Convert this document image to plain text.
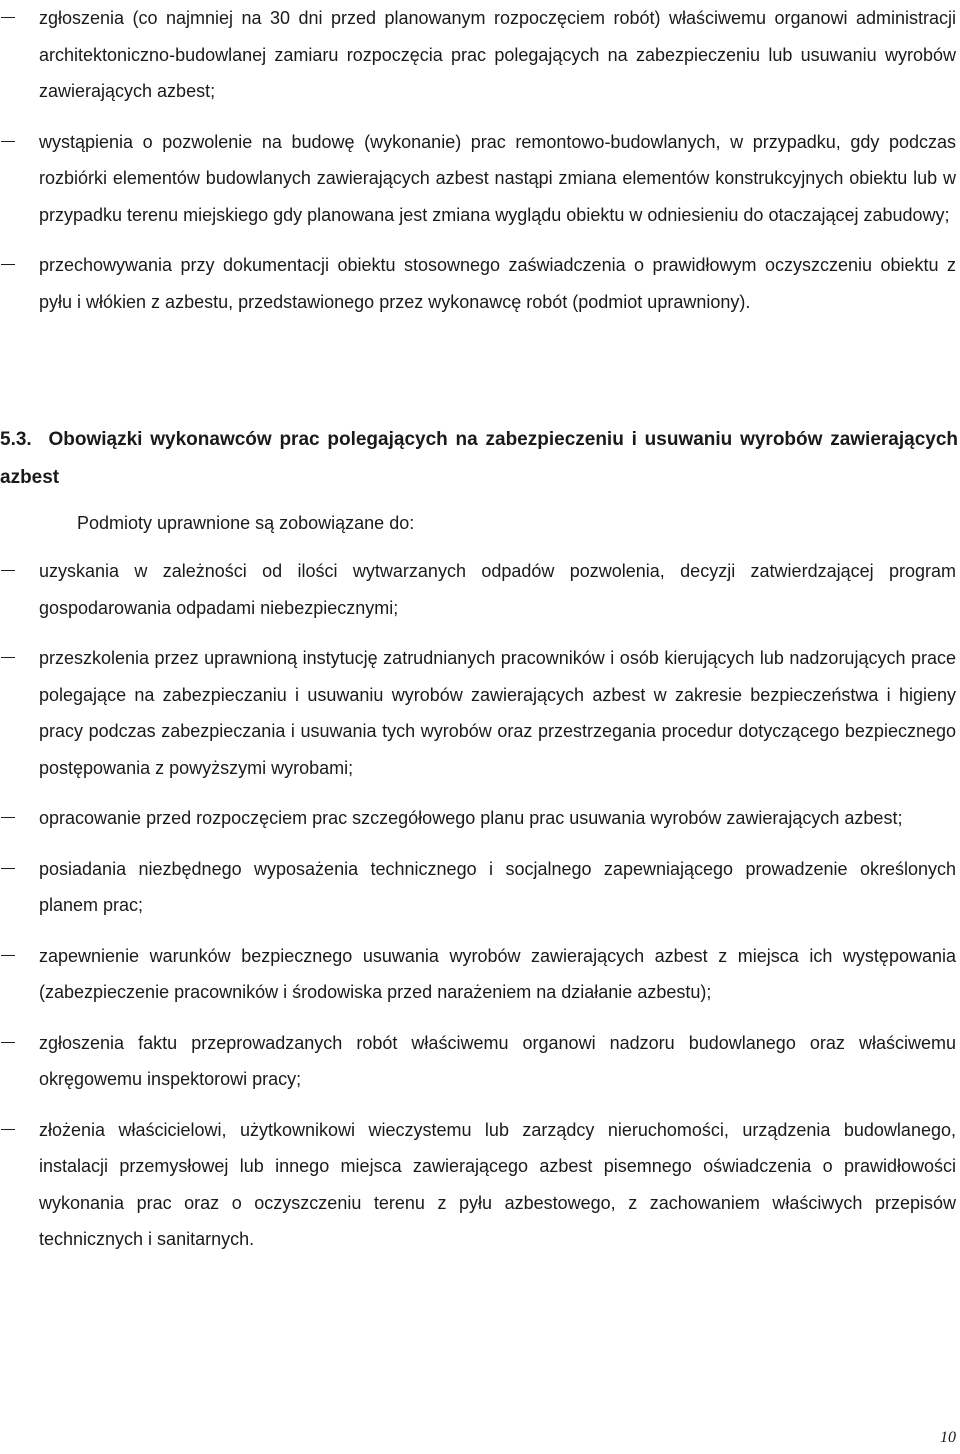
zgłoszenia (co najmniej na 30 dni przed planowanym rozpoczęciem robót) właściwemu organowi administracji architektoniczno-budowlanej zamiaru rozpoczęcia prac polegających na zabezpieczeniu lub usuwaniu wyrobów zawierających azbest;
wystąpienia o pozwolenie na budowę (wykonanie) prac remontowo-budowlanych, w przypadku, gdy podczas rozbiórki elementów budowlanych zawierających azbest nastąpi zmiana elementów konstrukcyjnych obiektu lub w przypadku terenu miejskiego gdy planowana jest zmiana wyglądu obiektu w odniesieniu do otaczającej zabudowy;
przechowywania przy dokumentacji obiektu stosownego zaświadczenia o prawidłowym oczyszczeniu obiektu z pyłu i włókien z azbestu, przedstawionego przez wykonawcę robót (podmiot uprawniony).
5.3. Obowiązki wykonawców prac polegających na zabezpieczeniu i usuwaniu wyrobów zawierających azbest

Podmioty uprawnione są zobowiązane do:

uzyskania w zależności od ilości wytwarzanych odpadów pozwolenia, decyzji zatwierdzającej program gospodarowania odpadami niebezpiecznymi;
przeszkolenia przez uprawnioną instytucję zatrudnianych pracowników i osób kierujących lub nadzorujących prace polegające na zabezpieczaniu i usuwaniu wyrobów zawierających azbest w zakresie bezpieczeństwa i higieny pracy podczas zabezpieczania i usuwania tych wyrobów oraz przestrzegania procedur dotyczącego bezpiecznego postępowania z powyższymi wyrobami;
opracowanie przed rozpoczęciem prac szczegółowego planu prac usuwania wyrobów zawierających azbest;
posiadania niezbędnego wyposażenia technicznego i socjalnego zapewniającego prowadzenie określonych planem prac;
zapewnienie warunków bezpiecznego usuwania wyrobów zawierających azbest z miejsca ich występowania (zabezpieczenie pracowników i środowiska przed narażeniem na działanie azbestu);
zgłoszenia faktu przeprowadzanych robót właściwemu organowi nadzoru budowlanego oraz właściwemu okręgowemu inspektorowi pracy;
złożenia właścicielowi, użytkownikowi wieczystemu lub zarządcy nieruchomości, urządzenia budowlanego, instalacji przemysłowej lub innego miejsca zawierającego azbest pisemnego oświadczenia o prawidłowości wykonania prac oraz o oczyszczeniu terenu z pyłu azbestowego, z zachowaniem właściwych przepisów technicznych i sanitarnych.
10
